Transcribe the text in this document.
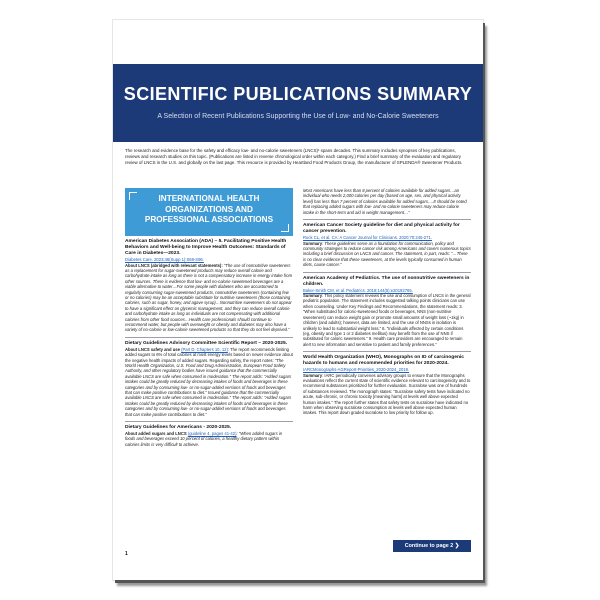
SCIENTIFIC PUBLICATIONS SUMMARY
A Selection of Recent Publications Supporting the Use of Low- and No-Calorie Sweeteners

The research and evidence base for the safety and efficacy low- and no-calorie sweeteners (LNCS)¹ spans decades. This summary includes synopses of key publications, reviews and research studies on this topic. (Publications are listed in reverse chronological order within each category.) Find a brief summary of the evaluation and regulatory review of LNCS in the U.S. and globally on the last page. This resource is provided by Heartland Food Products Group, the manufacturer of SPLENDA® Sweetener Products.

INTERNATIONAL HEALTH ORGANIZATIONS AND PROFESSIONAL ASSOCIATIONS
American Diabetes Association (ADA) – 5. Facilitating Positive Health Behaviors and Well-being to Improve Health Outcomes: Standards of Care in Diabetes—2023.
Diabetes Care. 2023;46(Supp 1):S68-S96.

About LNCS (abridged with relevant statements): “The use of nonnutritive sweeteners as a replacement for sugar-sweetened products may reduce overall calorie and carbohydrate intake as long as there is not a compensatory increase in energy intake from other sources. There is evidence that low- and no-calorie sweetened beverages are a viable alternative to water…For some people with diabetes who are accustomed to regularly consuming sugar-sweetened products, nonnutritive sweeteners (containing few or no calories) may be an acceptable substitute for nutritive sweeteners (those containing calories, such as sugar, honey, and agave syrup)…Nonnutritive sweeteners do not appear to have a significant effect on glycemic management, and they can reduce overall calorie and carbohydrate intake as long as individuals are not compensating with additional calories from other food sources…Health care professionals should continue to recommend water, but people with overweight or obesity and diabetes may also have a variety of no-calorie or low-calorie sweetened products so that they do not feel deprived.”

Dietary Guidelines Advisory Committee Scientific Report – 2020-2025.

About LNCS safety and use (Part D. Chapters 10, 12): The report recommends limiting added sugars to 6% of total calories at most energy levels based on newer evidence about the negative health impacts of added sugars. Regarding safety, the report notes: “The World Health Organization, U.S. Food and Drug Administration, European Food Safety Authority, and other regulatory bodies have issued guidance that the commercially available LNCS are safe when consumed in moderation.” The report adds: “Added sugars intakes could be greatly reduced by decreasing intakes of foods and beverages in these categories and by consuming low- or no-sugar-added versions of foods and beverages that can make positive contributions to diet.” Issued guidance that the commercially available LNCS are safe when consumed in moderation.” The report adds: “Added sugars intakes could be greatly reduced by decreasing intakes of foods and beverages in these categories and by consuming low- or no-sugar-added versions of foods and beverages that can make positive contributions to diet.”

Dietary Guidelines for Americans - 2020-2025.

About added sugars and LNCS (guideline 4, pages 41-42): “When added sugars in foods and beverages exceed 10 percent of calories, a healthy dietary pattern within calories limits is very difficult to achieve.

Most Americans have less than 8 percent of calories available for added sugars…an individual who needs 2,000 calories per day (based on age, sex, and physical activity level) has less than 7 percent of calories available for added sugars….It should be noted that replacing added sugars with low- and no-calorie sweeteners may reduce calorie intake in the short-term and aid in weight management…”

American Cancer Society guideline for diet and physical activity for cancer prevention.
Rock CL, et al. CA: A Cancer Journal for Clinicians. 2020;70:245-271.

Summary: These guidelines serve as a foundation for communication, policy and community strategies to reduce cancer risk among Americans and covers numerous topics including a brief discussion on LNCS and cancer. The statement, in part, reads: “…There is no clear evidence that these sweeteners, at the levels typically consumed in human diets, cause cancer.”

American Academy of Pediatrics. The use of nonnutritive sweeteners in children.
Baker-Smith CM, et al. Pediatrics. 2019;144(5):e20192765.

Summary: This policy statement reviews the use and consumption of LNCS in the general pediatric population. The statement includes suggested talking points clinicians can use when counseling. Under Key Findings and Recommendations, the statement reads: 3. “When substituted for caloric-sweetened foods or beverages, NNS (non-nutritive sweeteners) can reduce weight gain or promote small amounts of weight loss (~1kg) in children (and adults); however, data are limited, and the use of NNSs in isolation is unlikely to lead to substantial weight loss.” 6. “Individuals affected by certain conditions (eg, obesity and type 1 or 2 diabetes mellitus) may benefit from the use of NNS if substituted for caloric sweeteners.” 9. Health care providers are encouraged to remain alert to new information and sensitive to patient and family preferences.”

World Health Organization (WHO), Monographs on ID of carcinogenic hazards to humans and recommended priorities for 2020-2024.
IARCMonographs-AGReport-Priorities_2020-2024_2019.

Summary: IARC periodically convenes advisory groups to ensure that the Monographs evaluations reflect the current state of scientific evidence relevant to carcinogenicity and to recommend substances prioritized for further evaluation. Sucralose was one of hundreds of substances reviewed. The monograph states: “Sucralose safety tests have indicated no acute, sub-chronic, or chronic toxicity [meaning harm] at levels well above expected human intakes.” The report further states that safety tests on sucralose have indicated no harm when observing sucralose consumption at levels well above expected human intakes. This report down graded sucralose to low priority for follow up.

Continue to page 2 ❯
1
